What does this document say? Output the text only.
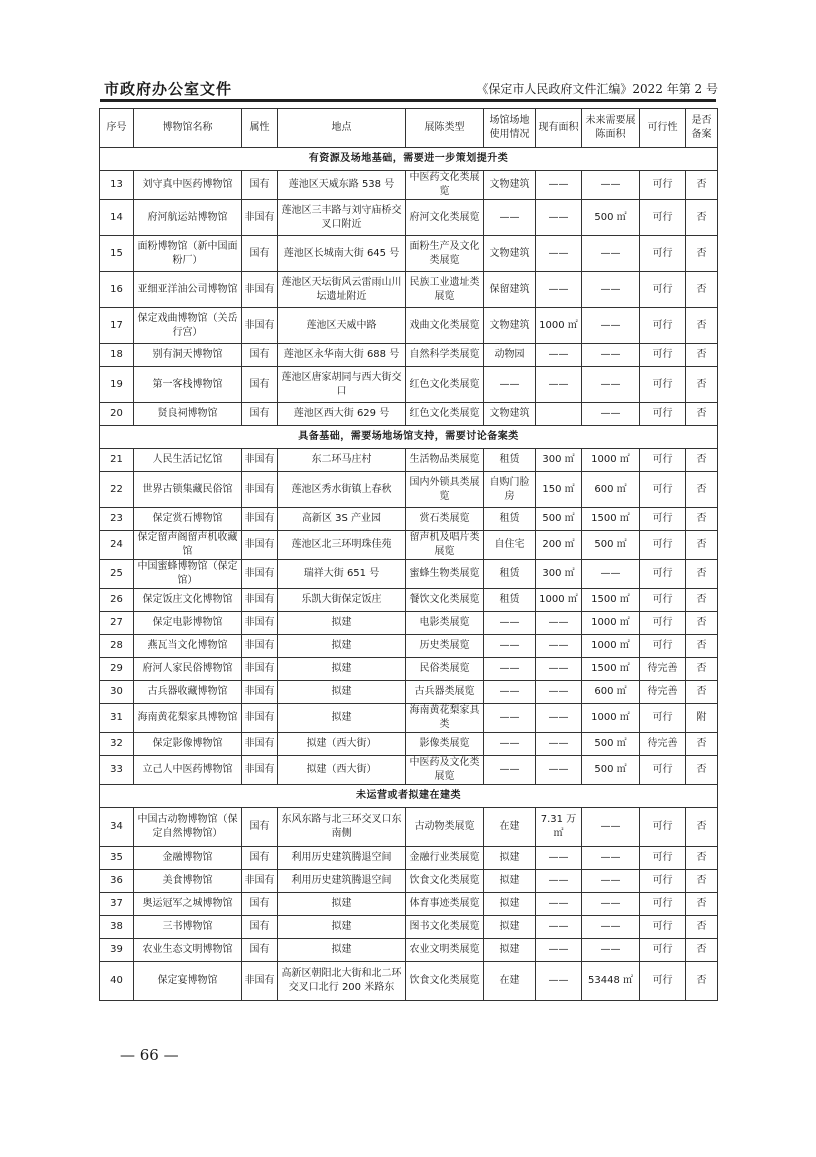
市政府办公室文件	《保定市人民政府文件汇编》2022 年第 2 号
序号	博物馆名称	属性	地点	展陈类型	场馆场地使用情况	现有面积	未来需要展陈面积	可行性	是否备案
有资源及场地基础，需要进一步策划提升类									
13	刘守真中医药博物馆	国有	莲池区天威东路 538 号	中医药文化类展览	文物建筑	——	——	可行	否
14	府河航运站博物馆	非国有	莲池区三丰路与刘守庙桥交叉口附近	府河文化类展览	——	——	500 ㎡	可行	否
15	面粉博物馆（新中国面粉厂）	国有	莲池区长城南大街 645 号	面粉生产及文化类展览	文物建筑	——	——	可行	否
16	亚细亚洋油公司博物馆	非国有	莲池区天坛街风云雷雨山川坛遗址附近	民族工业遗址类展览	保留建筑	——	——	可行	否
17	保定戏曲博物馆（关岳行宫）	非国有	莲池区天威中路	戏曲文化类展览	文物建筑	1000 ㎡	——	可行	否
18	别有洞天博物馆	国有	莲池区永华南大街 688 号	自然科学类展览	动物园	——	——	可行	否
19	第一客栈博物馆	国有	莲池区唐家胡同与西大街交口	红色文化类展览	——	——	——	可行	否
20	贤良祠博物馆	国有	莲池区西大街 629 号	红色文化类展览	文物建筑		——	可行	否
具备基础，需要场地场馆支持，需要讨论备案类									
21	人民生活记忆馆	非国有	东二环马庄村	生活物品类展览	租赁	300 ㎡	1000 ㎡	可行	否
22	世界古锁集藏民俗馆	非国有	莲池区秀水街镇上春秋	国内外锁具类展览	自购门脸房	150 ㎡	600 ㎡	可行	否
23	保定赏石博物馆	非国有	高新区 3S 产业园	赏石类展览	租赁	500 ㎡	1500 ㎡	可行	否
24	保定留声阁留声机收藏馆	非国有	莲池区北三环明珠佳苑	留声机及唱片类展览	自住宅	200 ㎡	500 ㎡	可行	否
25	中国蜜蜂博物馆（保定馆）	非国有	瑞祥大街 651 号	蜜蜂生物类展览	租赁	300 ㎡	——	可行	否
26	保定饭庄文化博物馆	非国有	乐凯大街保定饭庄	餐饮文化类展览	租赁	1000 ㎡	1500 ㎡	可行	否
27	保定电影博物馆	非国有	拟建	电影类展览	——	——	1000 ㎡	可行	否
28	燕瓦当文化博物馆	非国有	拟建	历史类展览	——	——	1000 ㎡	可行	否
29	府河人家民俗博物馆	非国有	拟建	民俗类展览	——	——	1500 ㎡	待完善	否
30	古兵器收藏博物馆	非国有	拟建	古兵器类展览	——	——	600 ㎡	待完善	否
31	海南黄花梨家具博物馆	非国有	拟建	海南黄花梨家具类	——	——	1000 ㎡	可行	附
32	保定影像博物馆	非国有	拟建（西大街）	影像类展览	——	——	500 ㎡	待完善	否
33	立己人中医药博物馆	非国有	拟建（西大街）	中医药及文化类展览	——	——	500 ㎡	可行	否
未运营或者拟建在建类									
34	中国古动物博物馆（保定自然博物馆）	国有	东风东路与北三环交叉口东南侧	古动物类展览	在建	7.31 万㎡	——	可行	否
35	金融博物馆	国有	利用历史建筑腾退空间	金融行业类展览	拟建	——	——	可行	否
36	美食博物馆	非国有	利用历史建筑腾退空间	饮食文化类展览	拟建	——	——	可行	否
37	奥运冠军之城博物馆	国有	拟建	体育事迹类展览	拟建	——	——	可行	否
38	三书博物馆	国有	拟建	图书文化类展览	拟建	——	——	可行	否
39	农业生态文明博物馆	国有	拟建	农业文明类展览	拟建	——	——	可行	否
40	保定宴博物馆	非国有	高新区朝阳北大街和北二环交叉口北行 200 米路东	饮食文化类展览	在建	——	53448 ㎡	可行	否
— 66 —
